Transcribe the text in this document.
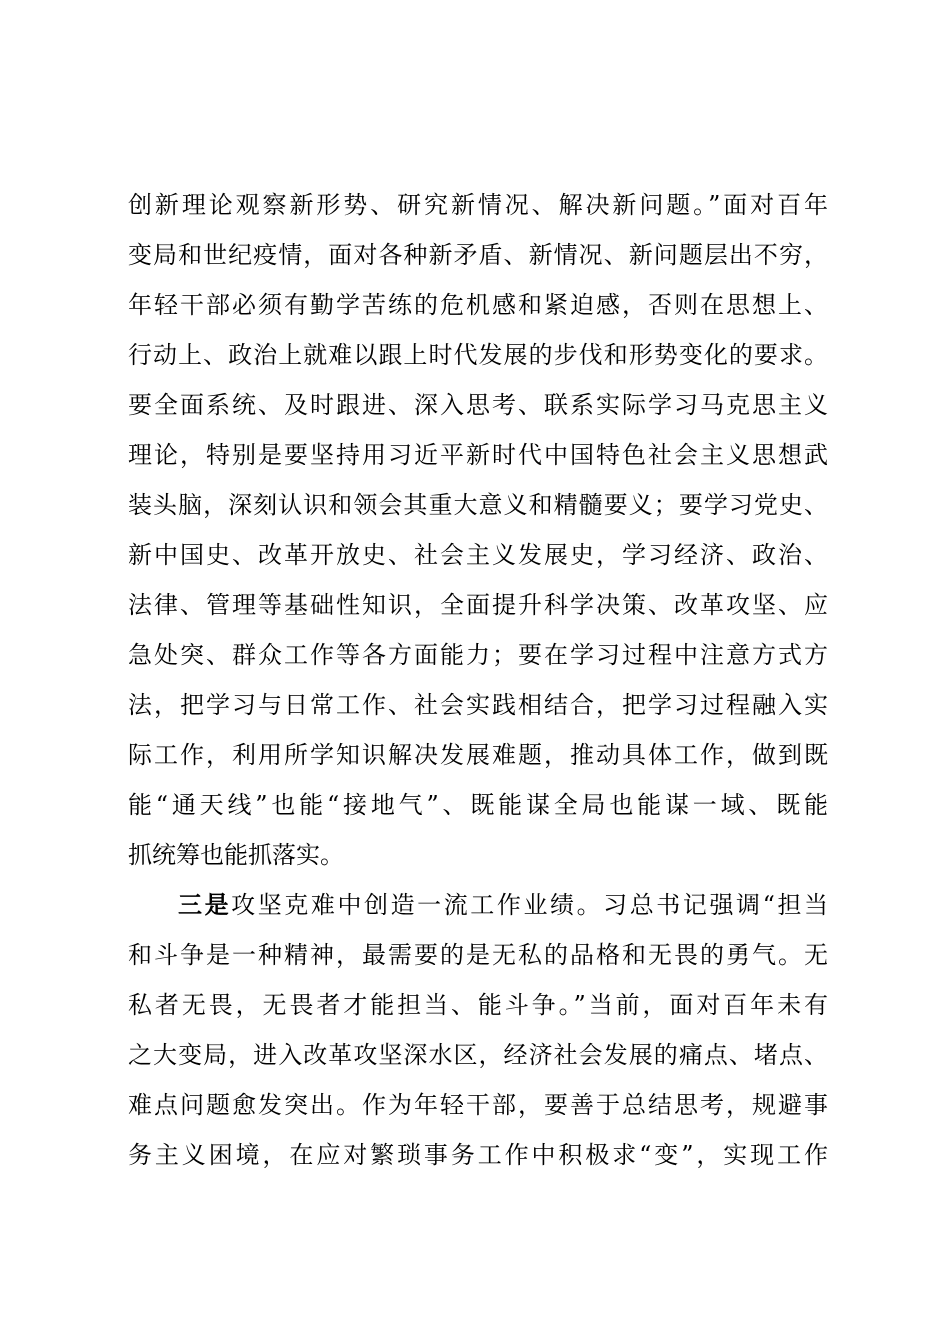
创新理论观察新形势、研究新情况、解决新问题。”面对百年
变局和世纪疫情，面对各种新矛盾、新情况、新问题层出不穷，
年轻干部必须有勤学苦练的危机感和紧迫感，否则在思想上、
行动上、政治上就难以跟上时代发展的步伐和形势变化的要求。
要全面系统、及时跟进、深入思考、联系实际学习马克思主义
理论，特别是要坚持用习近平新时代中国特色社会主义思想武
装头脑，深刻认识和领会其重大意义和精髓要义；要学习党史、
新中国史、改革开放史、社会主义发展史，学习经济、政治、
法律、管理等基础性知识，全面提升科学决策、改革攻坚、应
急处突、群众工作等各方面能力；要在学习过程中注意方式方
法，把学习与日常工作、社会实践相结合，把学习过程融入实
际工作，利用所学知识解决发展难题，推动具体工作，做到既
能“通天线”也能“接地气”、既能谋全局也能谋一域、既能
抓统筹也能抓落实。
三是攻坚克难中创造一流工作业绩。习总书记强调“担当
和斗争是一种精神，最需要的是无私的品格和无畏的勇气。无
私者无畏，无畏者才能担当、能斗争。”当前，面对百年未有
之大变局，进入改革攻坚深水区，经济社会发展的痛点、堵点、
难点问题愈发突出。作为年轻干部，要善于总结思考，规避事
务主义困境，在应对繁琐事务工作中积极求“变”，实现工作
